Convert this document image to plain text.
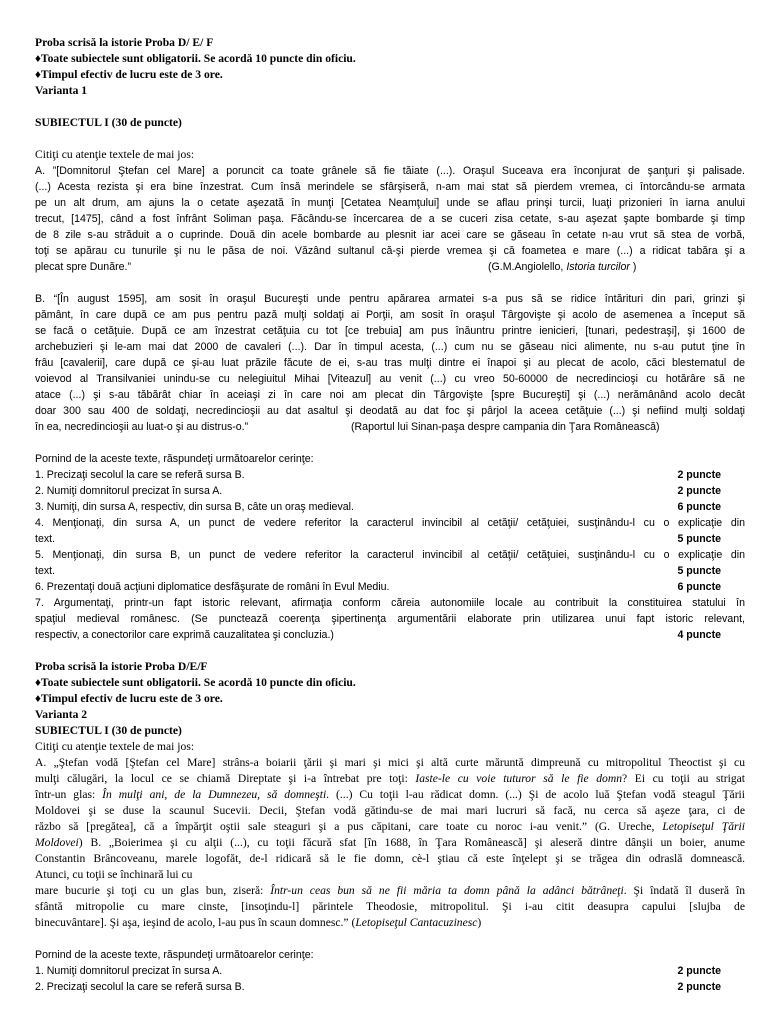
Proba scrisă la istorie Proba D/ E/ F
♦Toate subiectele sunt obligatorii. Se acordă 10 puncte din oficiu.
♦Timpul efectiv de lucru este de 3 ore.
Varianta 1
SUBIECTUL I (30 de puncte)
Citiţi cu atenţie textele de mai jos:
A. ”[Domnitorul Ştefan cel Mare] a poruncit ca toate grânele să fie tăiate (...). Oraşul Suceava era înconjurat de şanţuri şi palisade.
(...) Acesta rezista şi era bine înzestrat. Cum însă merindele se sfârşiseră, n-am mai stat să pierdem vremea, ci întorcându-se armata
pe un alt drum, am ajuns la o cetate aşezată în munţi [Cetatea Neamţului] unde se aflau prinşi turcii, luaţi prizonieri în iarna anului
trecut, [1475], când a fost înfrânt Soliman paşa. Făcându-se încercarea de a se cuceri zisa cetate, s-au aşezat şapte bombarde şi timp
de 8 zile s-au străduit a o cuprinde. Două din acele bombarde au plesnit iar acei care se găseau în cetate n-au vrut să stea de vorbă,
toţi se apărau cu tunurile şi nu le păsa de noi. Văzând sultanul că-şi pierde vremea şi că foametea e mare (...) a ridicat tabăra şi a
plecat spre Dunăre.”	(G.M.Angiolello, Istoria turcilor )
B. “[În august 1595], am sosit în oraşul Bucureşti unde pentru apărarea armatei s-a pus să se ridice întărituri din pari, grinzi şi
pământ, în care după ce am pus pentru pază mulţi soldaţi ai Porţii, am sosit în oraşul Târgovişte şi acolo de asemenea a început să
se facă o cetăţuie. După ce am înzestrat cetăţuia cu tot [ce trebuia] am pus înăuntru printre ienicieri, [tunari, pedestraşi], şi 1600 de
archebuzieri şi le-am mai dat 2000 de cavaleri (...). Dar în timpul acesta, (...) cum nu se găseau nici alimente, nu s-au putut ţine în
frâu [cavalerii], care după ce şi-au luat prăzile făcute de ei, s-au tras mulţi dintre ei înapoi şi au plecat de acolo, căci blestematul de
voievod al Transilvaniei unindu-se cu nelegiuitul Mihai [Viteazul] au venit (...) cu vreo 50-60000 de necredincioşi cu hotărâre să ne
atace (...) şi s-au tăbărât chiar în aceiaşi zi în care noi am plecat din Târgovişte [spre Bucureşti] şi (...) nerămânând acolo decât
doar 300 sau 400 de soldaţi, necredincioşii au dat asaltul şi deodată au dat foc şi pârjol la aceea cetăţuie (...) şi nefiind mulţi soldaţi
în ea, necredincioşii au luat-o şi au distrus-o.”	(Raportul lui Sinan-paşa despre campania din Ţara Românească)
Pornind de la aceste texte, răspundeţi următoarelor cerinţe:
1. Precizaţi secolul la care se referă sursa B.	2 puncte
2. Numiţi domnitorul precizat în sursa A.	2 puncte
3. Numiţi, din sursa A, respectiv, din sursa B, câte un oraş medieval.	6 puncte
4. Menţionaţi, din sursa A, un punct de vedere referitor la caracterul invincibil al cetăţii/ cetăţuiei, susţinându-l cu o explicaţie din
text.	5 puncte
5. Menţionaţi, din sursa B, un punct de vedere referitor la caracterul invincibil al cetăţii/ cetăţuiei, susţinându-l cu o explicaţie din
text.	5 puncte
6. Prezentaţi două acţiuni diplomatice desfăşurate de români în Evul Mediu.	6 puncte
7. Argumentaţi, printr-un fapt istoric relevant, afirmaţia conform căreia autonomiile locale au contribuit la constituirea statului în
spaţiul medieval românesc. (Se punctează coerenţa şipertinenţa argumentării elaborate prin utilizarea unui fapt istoric relevant,
respectiv, a conectorilor care exprimă cauzalitatea şi concluzia.)	4 puncte
Proba scrisă la istorie Proba D/E/F
♦Toate subiectele sunt obligatorii. Se acordă 10 puncte din oficiu.
♦Timpul efectiv de lucru este de 3 ore.
Varianta 2
SUBIECTUL I (30 de puncte)
Citiţi cu atenţie textele de mai jos:
A. „Ştefan vodă [Ştefan cel Mare] strâns-a boiarii ţării şi mari şi mici şi altă curte măruntă dimpreună cu mitropolitul Theoctist şi cu
mulţi călugări, la locul ce se chiamă Direptate şi i-a întrebat pre toţi: Iaste-le cu voie tuturor să le fie domn? Ei cu toţii au strigat
într-un glas: În mulţi ani, de la Dumnezeu, să domneşti. (...) Cu toţii l-au rădicat domn. (...) Şi de acolo luă Ştefan vodă steagul Ţării
Moldovei şi se duse la scaunul Sucevii. Decii, Ştefan vodă gătindu-se de mai mari lucruri să facă, nu cerca să aşeze ţara, ci de
războ să [pregătea], că a împărţit oştii sale steaguri şi a pus căpitani, care toate cu noroc i-au venit.” (G. Ureche, Letopiseţul Ţării
Moldovei) B. „Boierimea şi cu alţii (...), cu toţii făcură sfat [în 1688, în Ţara Românească] şi aleseră dintre dânşii un boier, anume
Constantin Brâncoveanu, marele logofăt, de-l ridicară să le fie domn, cè-l ştiau că este înţelept şi se trăgea din odraslă domnească.
Atunci, cu toţii se închinară lui cu
mare bucurie şi toţi cu un glas bun, ziseră: Într-un ceas bun să ne fii măria ta domn până la adânci bătrâneţi. Şi îndată îl duseră în
sfântă mitropolie cu mare cinste, [insoţindu-l] părintele Theodosie, mitropolitul. Şi i-au citit deasupra capului [slujba de
binecuvântare]. Şi aşa, ieşind de acolo, l-au pus în scaun domnesc.” (Letopiseţul Cantacuzinesc)
Pornind de la aceste texte, răspundeţi următoarelor cerinţe:
1. Numiţi domnitorul precizat în sursa A.	2 puncte
2. Precizaţi secolul la care se referă sursa B.	2 puncte
